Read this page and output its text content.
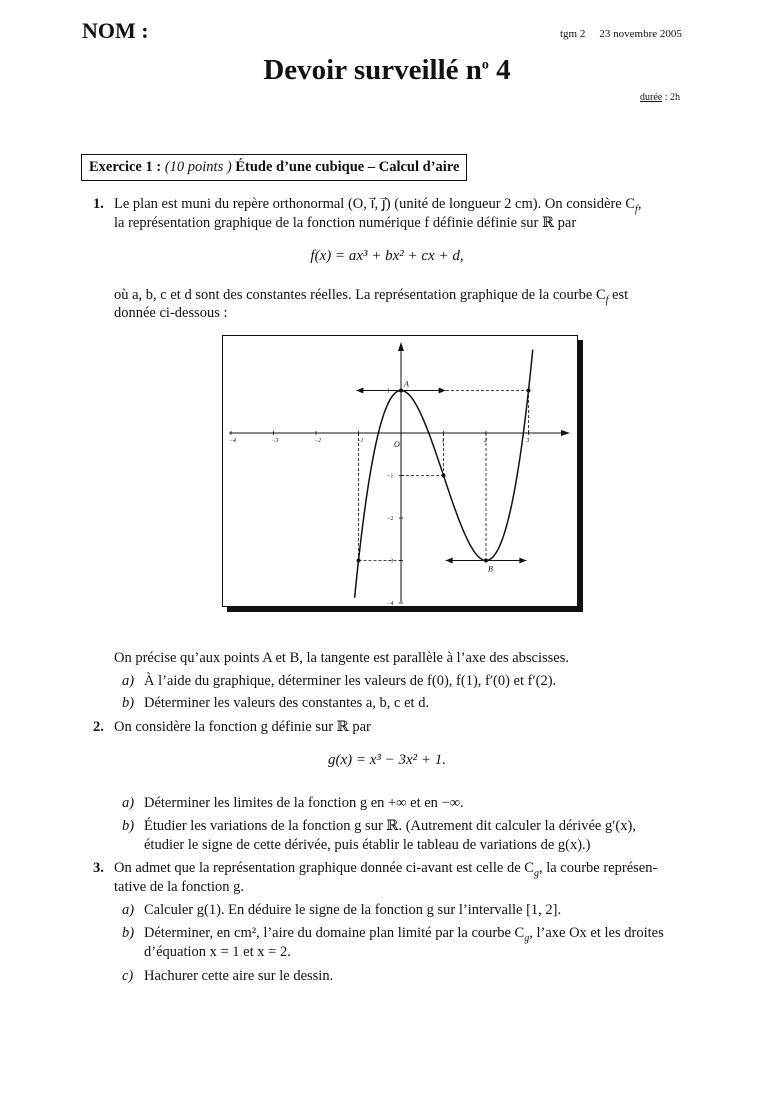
NOM :	tgm 2 23 novembre 2005
Devoir surveillé $n^o$ 4
durée : 2h
Exercice 1 : (10 points ) Étude d’une cubique – Calcul d’aire
1. Le plan est muni du repère orthonormal (O, ı⃗, ȷ⃗) (unité de longueur 2 cm). On considère $C_f$,
la représentation graphique de la fonction numérique f définie définie sur ℝ par
f(x) = ax³ + bx² + cx + d,
où a, b, c et d sont des constantes réelles. La représentation graphique de la courbe $C_f$ est
donnée ci-dessous :
−4	−3	−2	−1	O	1	2	3
1
−1
−2
−3
−4
A
B
On précise qu’aux points A et B, la tangente est parallèle à l’axe des abscisses.
a) À l’aide du graphique, déterminer les valeurs de f(0), f(1), f′(0) et f′(2).
b) Déterminer les valeurs des constantes a, b, c et d.
2. On considère la fonction g définie sur ℝ par
g(x) = x³ − 3x² + 1.
a) Déterminer les limites de la fonction g en +∞ et en −∞.
b) Étudier les variations de la fonction g sur ℝ. (Autrement dit calculer la dérivée g′(x),
étudier le signe de cette dérivée, puis établir le tableau de variations de g(x).)
3. On admet que la représentation graphique donnée ci-avant est celle de $C_g$, la courbe représen-
tative de la fonction g.
a) Calculer g(1). En déduire le signe de la fonction g sur l’intervalle [1, 2].
b) Déterminer, en cm², l’aire du domaine plan limité par la courbe $C_g$, l’axe Ox et les droites
d’équation x = 1 et x = 2.
c) Hachurer cette aire sur le dessin.
